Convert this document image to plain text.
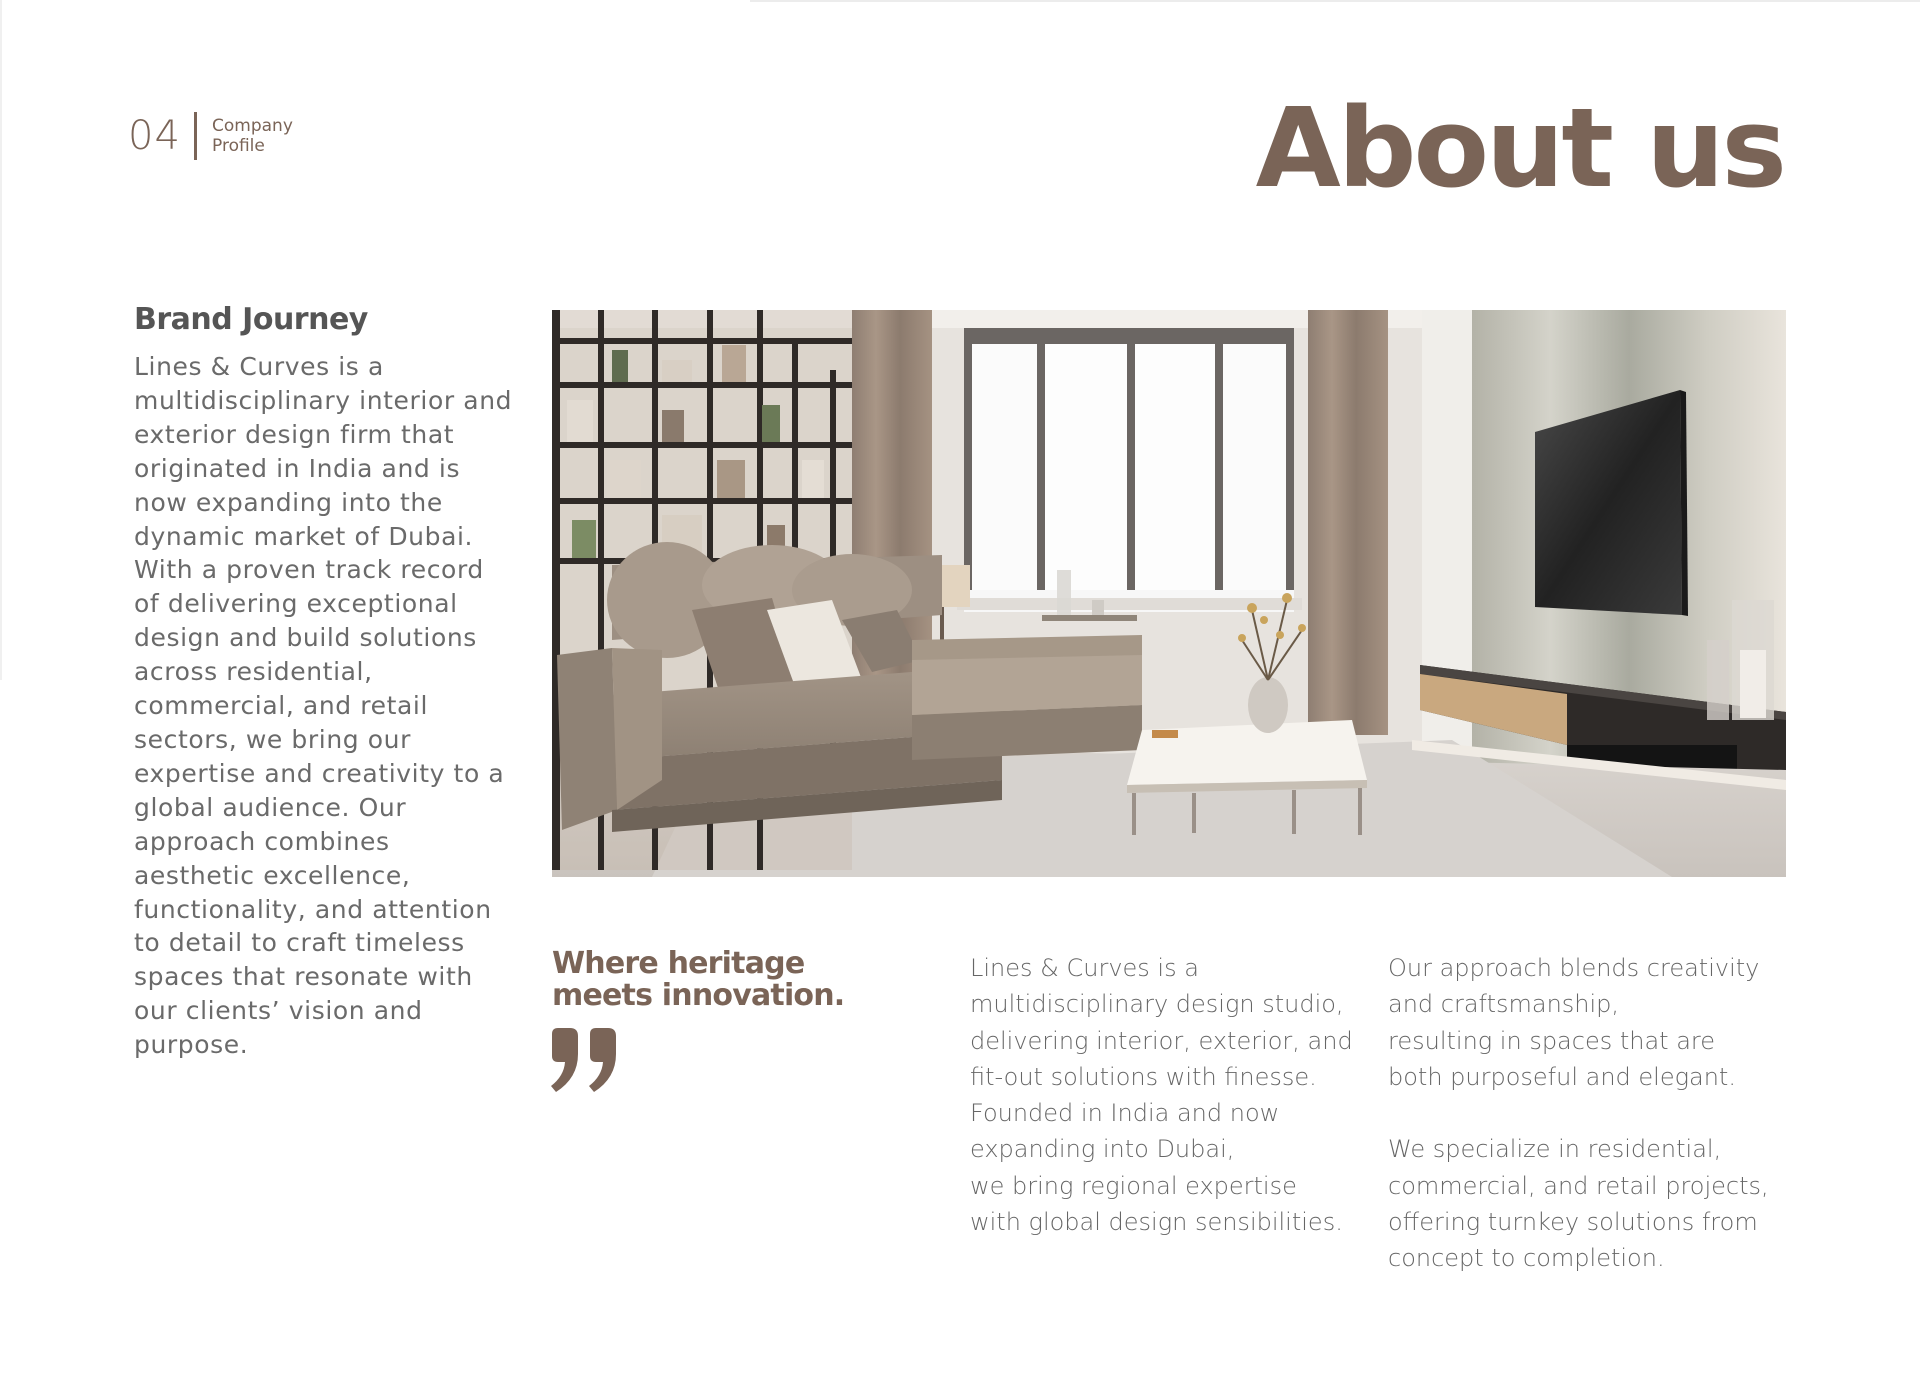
04 Company
Profile	About us
Brand Journey
Lines & Curves is a
multidisciplinary interior and
exterior design firm that
originated in India and is
now expanding into the
dynamic market of Dubai.
With a proven track record
of delivering exceptional
design and build solutions
across residential,
commercial, and retail
sectors, we bring our
expertise and creativity to a
global audience. Our
approach combines
aesthetic excellence,
functionality, and attention
to detail to craft timeless
spaces that resonate with
our clients’ vision and
purpose.
Where heritage
meets innovation.
Lines & Curves is a
multidisciplinary design studio,
delivering interior, exterior, and
fit-out solutions with finesse.
Founded in India and now
expanding into Dubai,
we bring regional expertise
with global design sensibilities.
Our approach blends creativity
and craftsmanship,
resulting in spaces that are
both purposeful and elegant.
We specialize in residential,
commercial, and retail projects,
offering turnkey solutions from
concept to completion.
